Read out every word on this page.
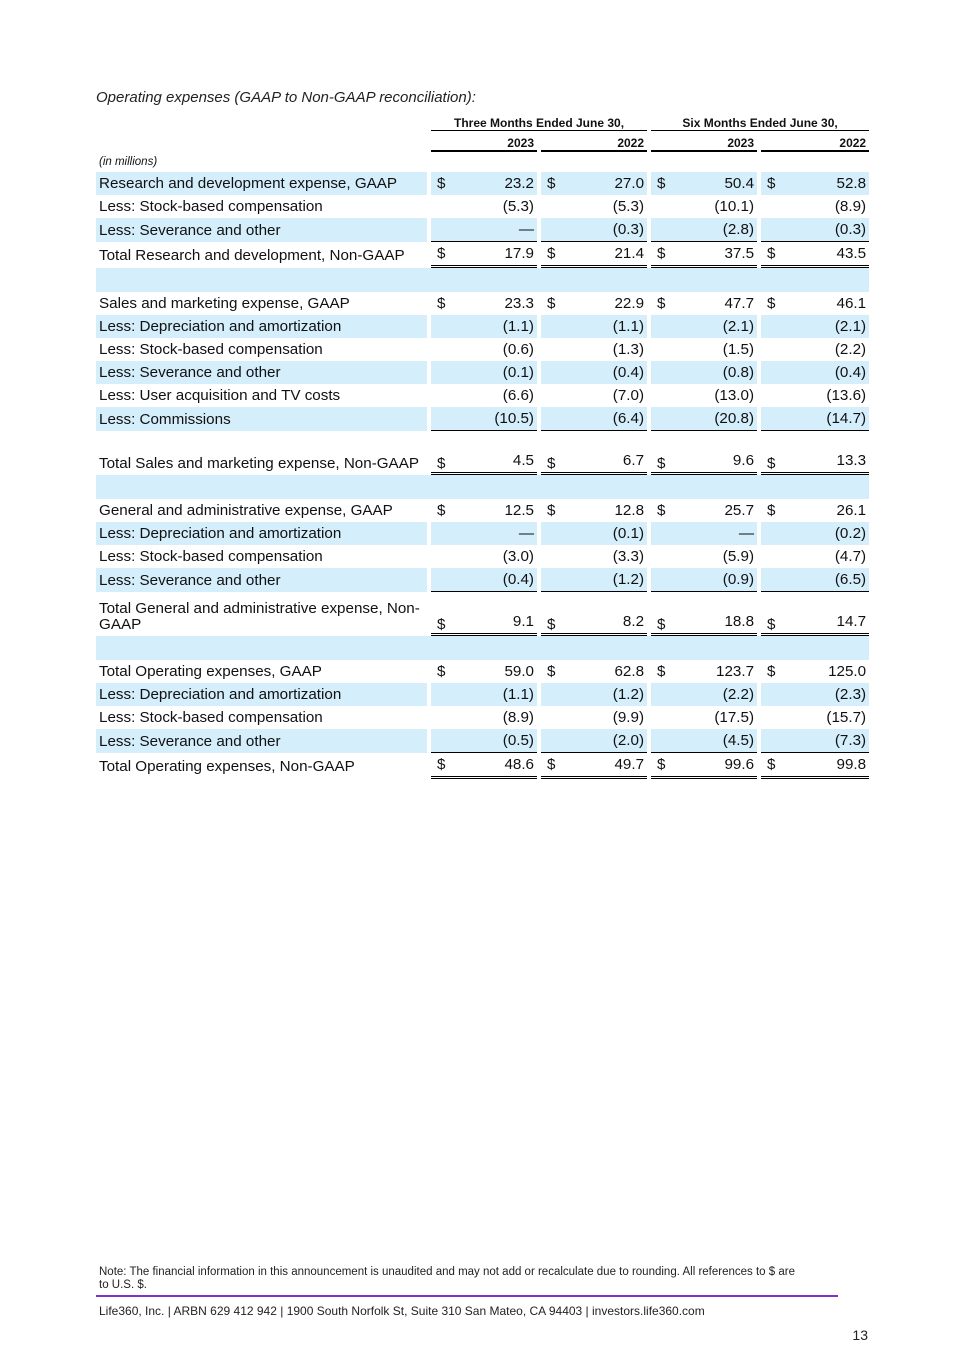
Operating expenses (GAAP to Non-GAAP reconciliation):
		Three Months Ended June 30,						Six Months Ended June 30,				
		2023			2022			2023			2022	
(in millions)												
Research and development expense, GAAP		$	23.2		$	27.0		$	50.4		$	52.8
Less: Stock-based compensation			(5.3)			(5.3)			(10.1)			(8.9)
Less: Severance and other			—			(0.3)			(2.8)			(0.3)
Total Research and development, Non-GAAP		$	17.9		$	21.4		$	37.5		$	43.5

Sales and marketing expense, GAAP		$	23.3		$	22.9		$	47.7		$	46.1
Less: Depreciation and amortization			(1.1)			(1.1)			(2.1)			(2.1)
Less: Stock-based compensation			(0.6)			(1.3)			(1.5)			(2.2)
Less: Severance and other			(0.1)			(0.4)			(0.8)			(0.4)
Less: User acquisition and TV costs			(6.6)			(7.0)			(13.0)			(13.6)
Less: Commissions			(10.5)			(6.4)			(20.8)			(14.7)
Total Sales and marketing expense, Non-GAAP		$	4.5		$	6.7		$	9.6		$	13.3

General and administrative expense, GAAP		$	12.5		$	12.8		$	25.7		$	26.1
Less: Depreciation and amortization			—			(0.1)			—			(0.2)
Less: Stock-based compensation			(3.0)			(3.3)			(5.9)			(4.7)
Less: Severance and other			(0.4)			(1.2)			(0.9)			(6.5)
Total General and administrative expense, Non-GAAP		$	9.1		$	8.2		$	18.8		$	14.7

Total Operating expenses, GAAP		$	59.0		$	62.8		$	123.7		$	125.0
Less: Depreciation and amortization			(1.1)			(1.2)			(2.2)			(2.3)
Less: Stock-based compensation			(8.9)			(9.9)			(17.5)			(15.7)
Less: Severance and other			(0.5)			(2.0)			(4.5)			(7.3)
Total Operating expenses, Non-GAAP		$	48.6		$	49.7		$	99.6		$	99.8
Note: The financial information in this announcement is unaudited and may not add or recalculate due to rounding. All references to $ are to U.S. $.
Life360, Inc. | ARBN 629 412 942 | 1900 South Norfolk St, Suite 310 San Mateo, CA 94403 | investors.life360.com
13
